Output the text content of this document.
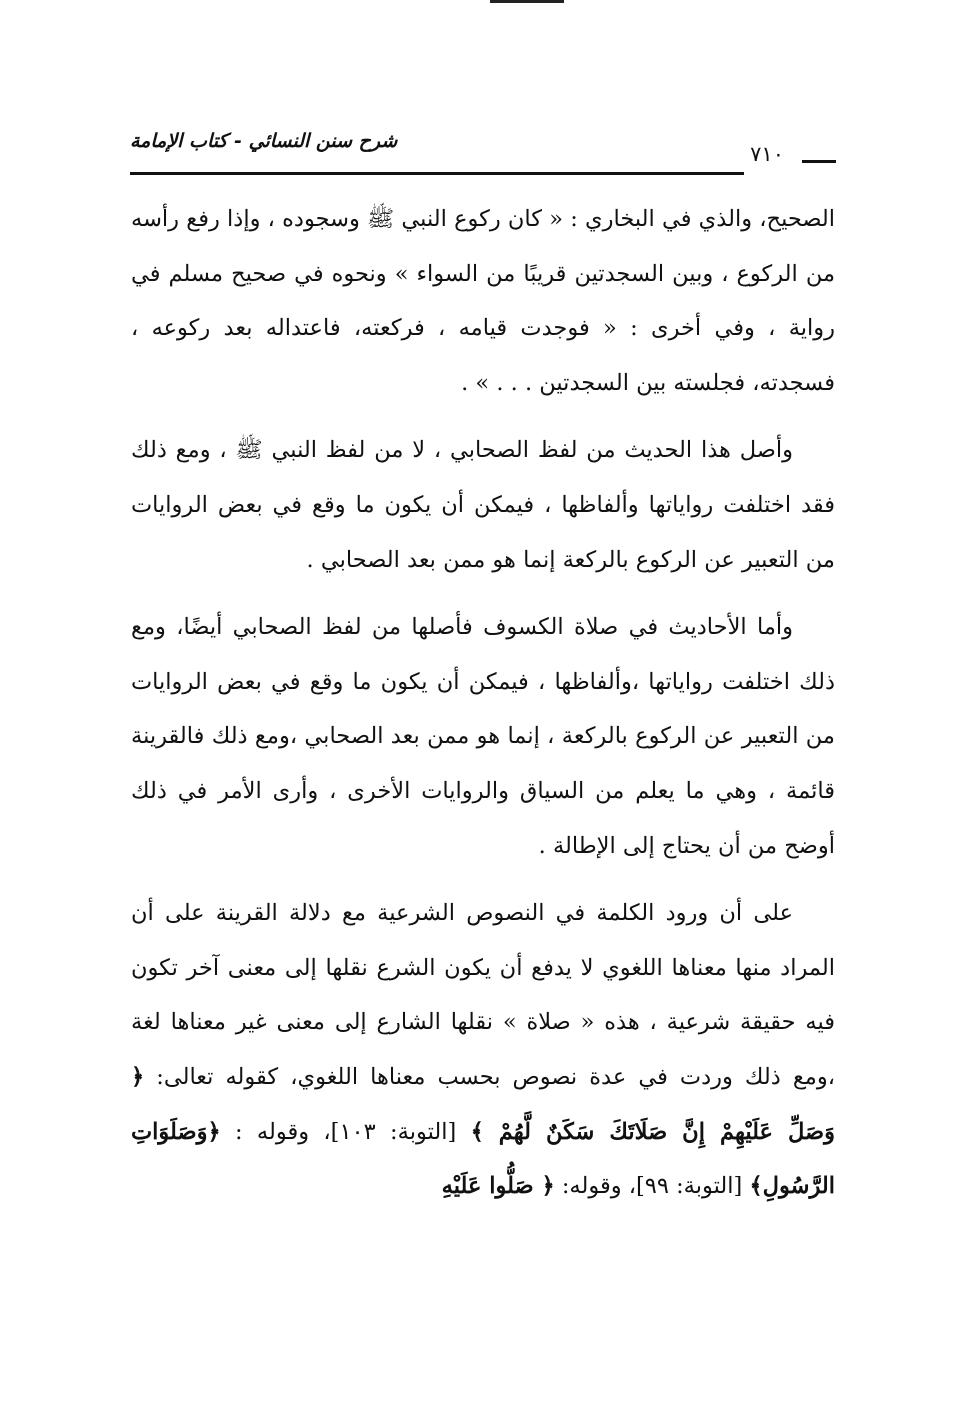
شرح سنن النسائي - كتاب الإمامة
٧١٠

الصحيح، والذي في البخاري : « كان ركوع النبي ﷺ وسجوده ، وإذا رفع رأسه من الركوع ، وبين السجدتين قريبًا من السواء » ونحوه في صحيح مسلم في رواية ، وفي أخرى : « فوجدت قيامه ، فركعته، فاعتداله بعد ركوعه ، فسجدته، فجلسته بين السجدتين . . . » .

وأصل هذا الحديث من لفظ الصحابي ، لا من لفظ النبي ﷺ ، ومع ذلك فقد اختلفت رواياتها وألفاظها ، فيمكن أن يكون ما وقع في بعض الروايات من التعبير عن الركوع بالركعة إنما هو ممن بعد الصحابي .

وأما الأحاديث في صلاة الكسوف فأصلها من لفظ الصحابي أيضًا، ومع ذلك اختلفت رواياتها ،وألفاظها ، فيمكن أن يكون ما وقع في بعض الروايات من التعبير عن الركوع بالركعة ، إنما هو ممن بعد الصحابي ،ومع ذلك فالقرينة قائمة ، وهي ما يعلم من السياق والروايات الأخرى ، وأرى الأمر في ذلك أوضح من أن يحتاج إلى الإطالة .

على أن ورود الكلمة في النصوص الشرعية مع دلالة القرينة على أن المراد منها معناها اللغوي لا يدفع أن يكون الشرع نقلها إلى معنى آخر تكون فيه حقيقة شرعية ، هذه « صلاة » نقلها الشارع إلى معنى غير معناها لغة ،ومع ذلك وردت في عدة نصوص بحسب معناها اللغوي، كقوله تعالى: ﴿ وَصَلِّ عَلَيْهِمْ إِنَّ صَلَاتَكَ سَكَنٌ لَّهُمْ ﴾ [التوبة: ١٠٣]، وقوله : ﴿وَصَلَوَاتِ الرَّسُولِ﴾ [التوبة: ٩٩]، وقوله: ﴿ صَلُّوا عَلَيْهِ
